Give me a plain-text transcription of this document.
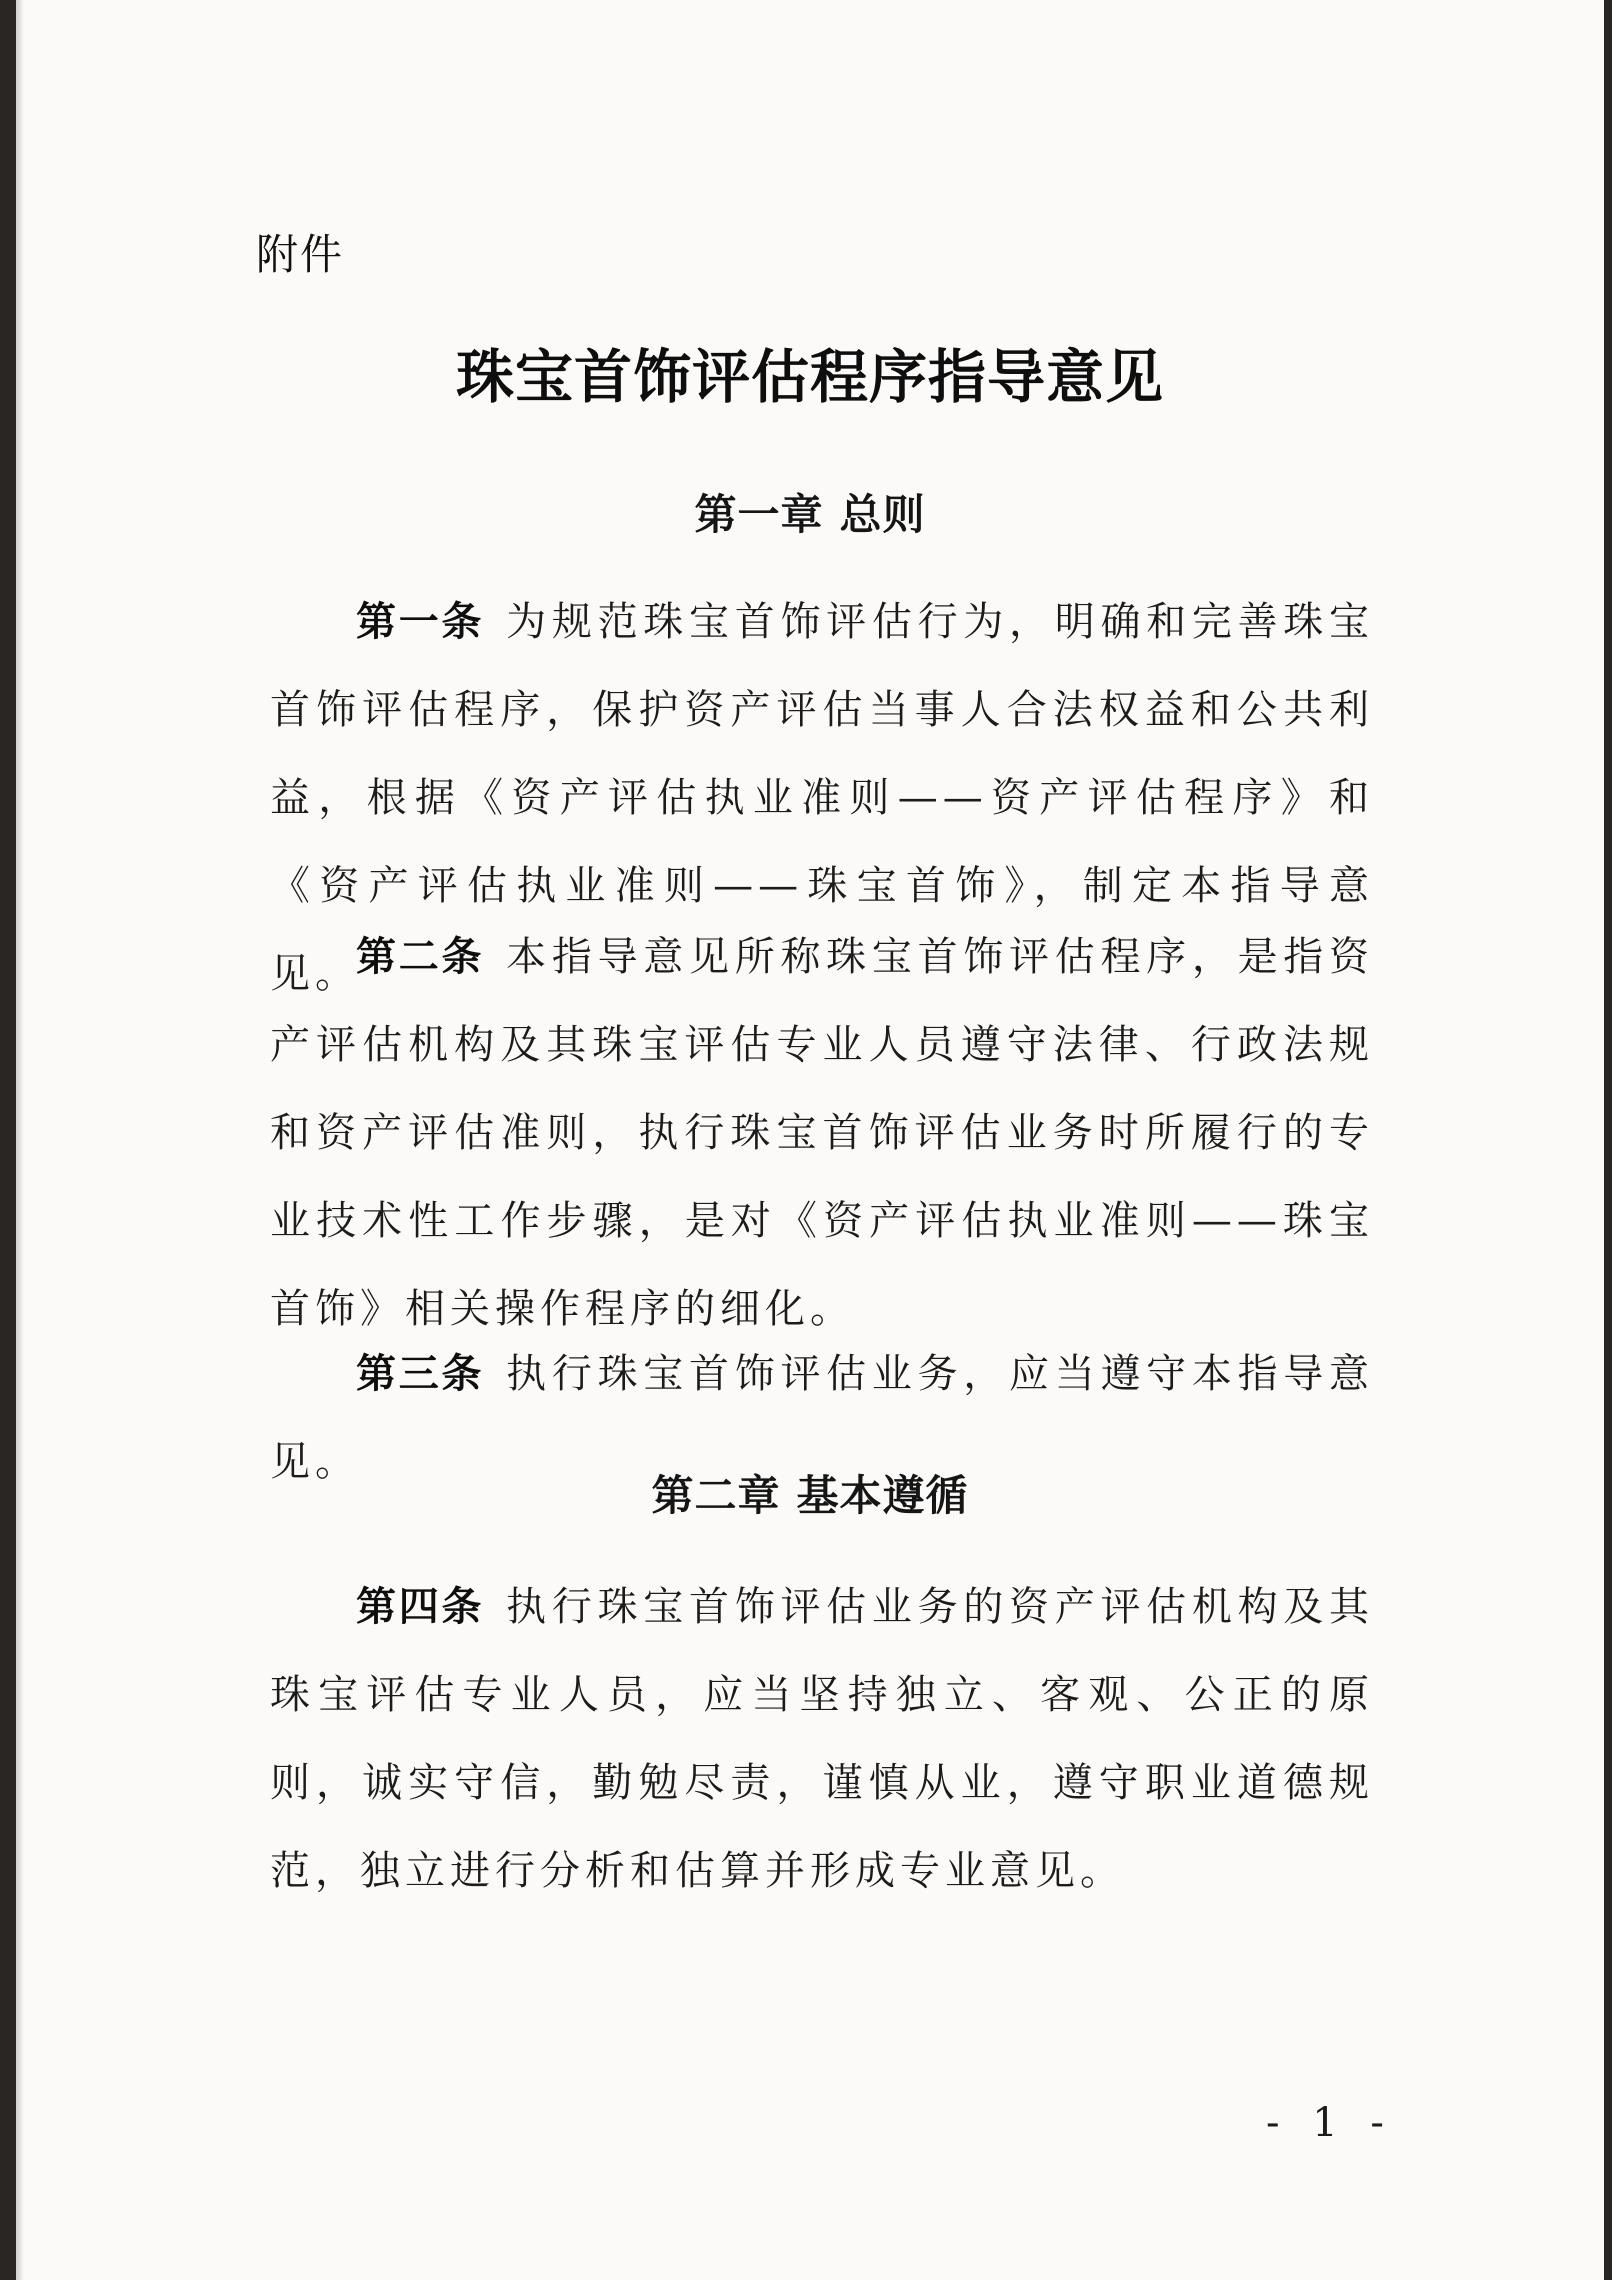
附件

珠宝首饰评估程序指导意见
第一章 总则

第一条 为规范珠宝首饰评估行为，明确和完善珠宝首饰评估程序，保护资产评估当事人合法权益和公共利益，根据《资产评估执业准则——资产评估程序》和《资产评估执业准则——珠宝首饰》，制定本指导意见。

第二条 本指导意见所称珠宝首饰评估程序，是指资产评估机构及其珠宝评估专业人员遵守法律、行政法规和资产评估准则，执行珠宝首饰评估业务时所履行的专业技术性工作步骤，是对《资产评估执业准则——珠宝首饰》相关操作程序的细化。

第三条 执行珠宝首饰评估业务，应当遵守本指导意见。

第二章 基本遵循

第四条 执行珠宝首饰评估业务的资产评估机构及其珠宝评估专业人员，应当坚持独立、客观、公正的原则，诚实守信，勤勉尽责，谨慎从业，遵守职业道德规范，独立进行分析和估算并形成专业意见。

- 1 -
